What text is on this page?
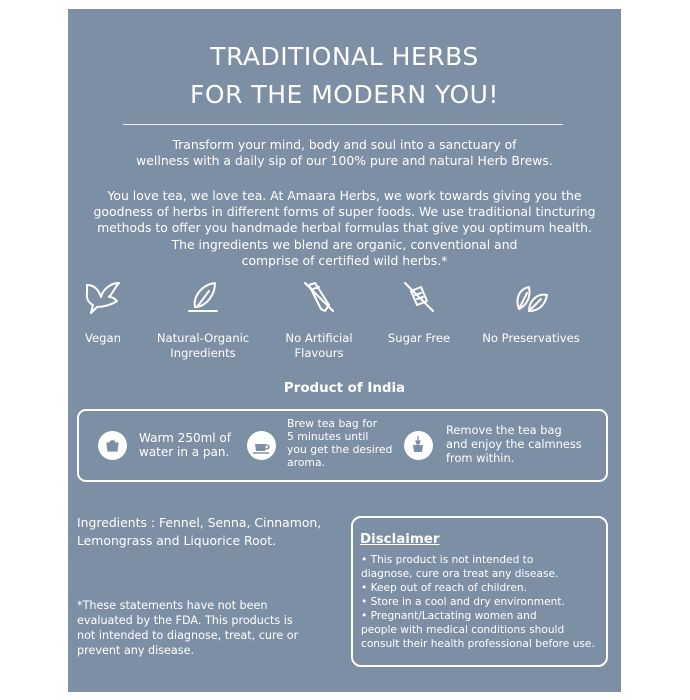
TRADITIONAL HERBS
FOR THE MODERN YOU!
Transform your mind, body and soul into a sanctuary of
wellness with a daily sip of our 100% pure and natural Herb Brews.
You love tea, we love tea. At Amaara Herbs, we work towards giving you the
goodness of herbs in different forms of super foods. We use traditional tincturing
methods to offer you handmade herbal formulas that give you optimum health.
The ingredients we blend are organic, conventional and
comprise of certified wild herbs.*
Vegan	Natural-Organic
Ingredients
No Artificial
Flavours
Sugar Free	No Preservatives
Product of India
Warm 250ml of
water in a pan.
Brew tea bag for
5 minutes until
you get the desired
aroma.
Remove the tea bag
and enjoy the calmness
from within.
Ingredients : Fennel, Senna, Cinnamon,
Lemongrass and Liquorice Root.
*These statements have not been
evaluated by the FDA. This products is
not intended to diagnose, treat, cure or
prevent any disease.
Disclaimer
• This product is not intended to
diagnose, cure ora treat any disease.
• Keep out of reach of children.
• Store in a cool and dry environment.
• Pregnant/Lactating women and
people with medical conditions should
consult their health professional before use.
